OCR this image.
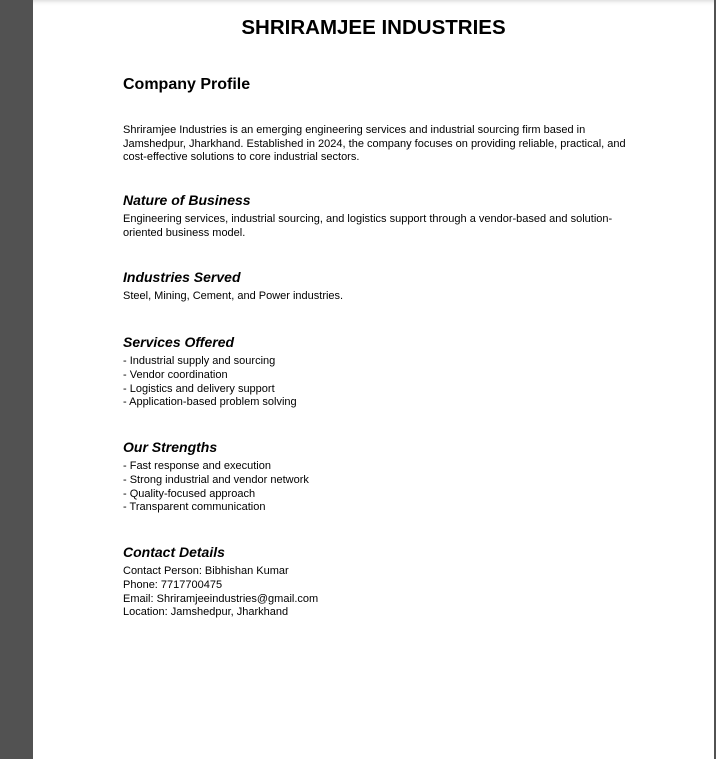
SHRIRAMJEE INDUSTRIES
Company Profile

Shriramjee Industries is an emerging engineering services and industrial sourcing firm based in Jamshedpur, Jharkhand. Established in 2024, the company focuses on providing reliable, practical, and cost-effective solutions to core industrial sectors.

Nature of Business

Engineering services, industrial sourcing, and logistics support through a vendor-based and solution-oriented business model.

Industries Served

Steel, Mining, Cement, and Power industries.

Services Offered
- Industrial supply and sourcing
- Vendor coordination
- Logistics and delivery support
- Application-based problem solving
Our Strengths
- Fast response and execution
- Strong industrial and vendor network
- Quality-focused approach
- Transparent communication
Contact Details
Contact Person: Bibhishan Kumar
Phone: 7717700475
Email: Shriramjeeindustries@gmail.com
Location: Jamshedpur, Jharkhand
